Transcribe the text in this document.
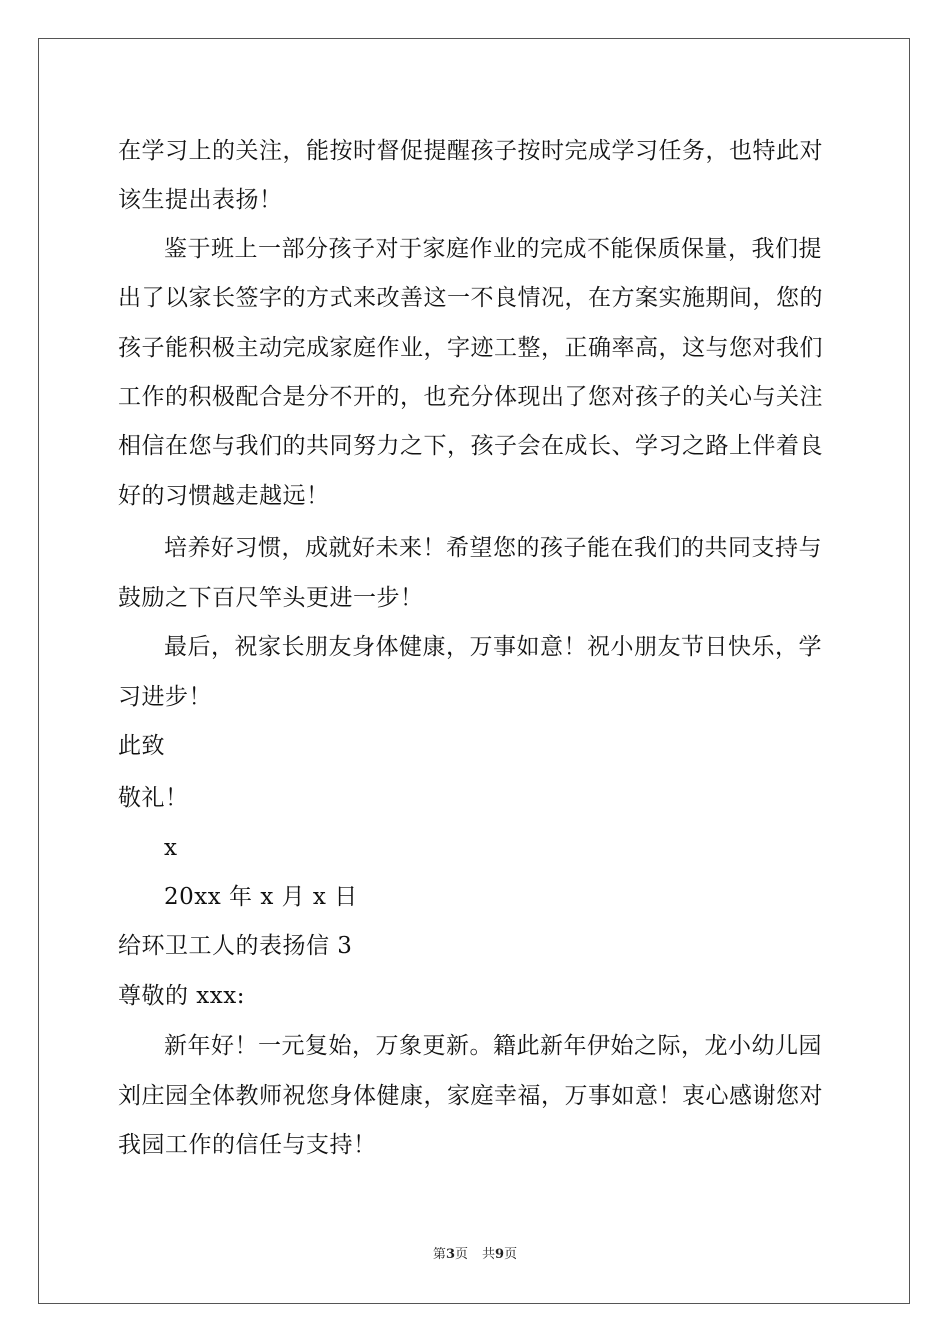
在学习上的关注，能按时督促提醒孩子按时完成学习任务，也特此对
该生提出表扬！
鉴于班上一部分孩子对于家庭作业的完成不能保质保量，我们提
出了以家长签字的方式来改善这一不良情况，在方案实施期间，您的
孩子能积极主动完成家庭作业，字迹工整，正确率高，这与您对我们
工作的积极配合是分不开的，也充分体现出了您对孩子的关心与关注
相信在您与我们的共同努力之下，孩子会在成长、学习之路上伴着良
好的习惯越走越远！
培养好习惯，成就好未来！希望您的孩子能在我们的共同支持与
鼓励之下百尺竿头更进一步！
最后，祝家长朋友身体健康，万事如意！祝小朋友节日快乐，学
习进步！
此致
敬礼！
x
20xx 年 x 月 x 日
给环卫工人的表扬信 3
尊敬的 xxx:
新年好！一元复始，万象更新。籍此新年伊始之际，龙小幼儿园
刘庄园全体教师祝您身体健康，家庭幸福，万事如意！衷心感谢您对
我园工作的信任与支持！
第3页 共9页
